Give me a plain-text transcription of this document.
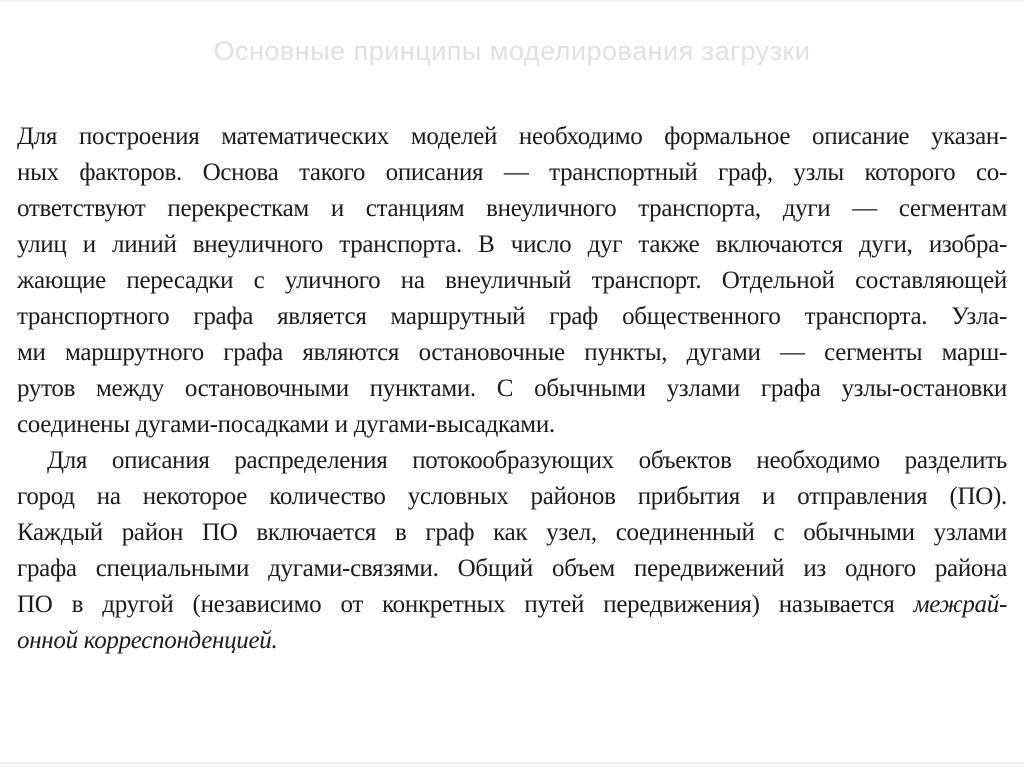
Основные принципы моделирования загрузки
Для построения математических моделей необходимо формальное описание указан-
ных факторов. Основа такого описания — транспортный граф, узлы которого со-
ответствуют перекресткам и станциям внеуличного транспорта, дуги — сегментам
улиц и линий внеуличного транспорта. В число дуг также включаются дуги, изобра-
жающие пересадки с уличного на внеуличный транспорт. Отдельной составляющей
транспортного графа является маршрутный граф общественного транспорта. Узла-
ми маршрутного графа являются остановочные пункты, дугами — сегменты марш-
рутов между остановочными пунктами. С обычными узлами графа узлы-остановки
соединены дугами-посадками и дугами-высадками.
Для описания распределения потокообразующих объектов необходимо разделить
город на некоторое количество условных районов прибытия и отправления (ПО).
Каждый район ПО включается в граф как узел, соединенный с обычными узлами
графа специальными дугами-связями. Общий объем передвижений из одного района
ПО в другой (независимо от конкретных путей передвижения) называется межрай-
онной корреспонденцией.
